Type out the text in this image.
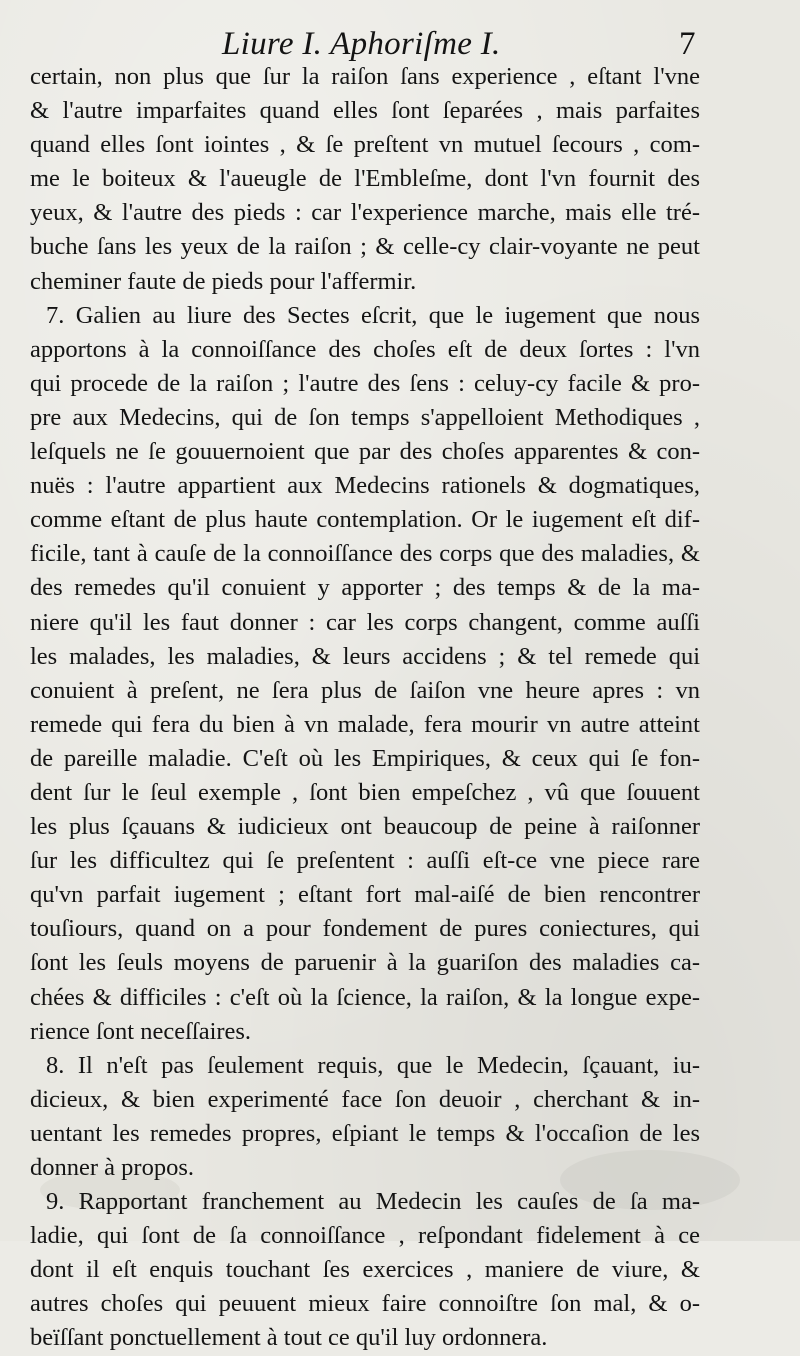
Liure I. Aphoriſme I.	7
certain, non plus que ſur la raiſon ſans experience , eſtant l'vne
& l'autre imparfaites quand elles ſont ſeparées , mais parfaites
quand elles ſont iointes , & ſe preſtent vn mutuel ſecours , com-
me le boiteux & l'aueugle de l'Embleſme, dont l'vn fournit des
yeux, & l'autre des pieds : car l'experience marche, mais elle tré-
buche ſans les yeux de la raiſon ; & celle-cy clair-voyante ne peut
cheminer faute de pieds pour l'affermir.
7. Galien au liure des Sectes eſcrit, que le iugement que nous
apportons à la connoiſſance des choſes eſt de deux ſortes : l'vn
qui procede de la raiſon ; l'autre des ſens : celuy-cy facile & pro-
pre aux Medecins, qui de ſon temps s'appelloient Methodiques ,
leſquels ne ſe gouuernoient que par des choſes apparentes & con-
nuës : l'autre appartient aux Medecins rationels & dogmatiques,
comme eſtant de plus haute contemplation. Or le iugement eſt dif-
ficile, tant à cauſe de la connoiſſance des corps que des maladies, &
des remedes qu'il conuient y apporter ; des temps & de la ma-
niere qu'il les faut donner : car les corps changent, comme auſſi
les malades, les maladies, & leurs accidens ; & tel remede qui
conuient à preſent, ne ſera plus de ſaiſon vne heure apres : vn
remede qui fera du bien à vn malade, fera mourir vn autre atteint
de pareille maladie. C'eſt où les Empiriques, & ceux qui ſe fon-
dent ſur le ſeul exemple , ſont bien empeſchez , vû que ſouuent
les plus ſçauans & iudicieux ont beaucoup de peine à raiſonner
ſur les difficultez qui ſe preſentent : auſſi eſt-ce vne piece rare
qu'vn parfait iugement ; eſtant fort mal-aiſé de bien rencontrer
touſiours, quand on a pour fondement de pures coniectures, qui
ſont les ſeuls moyens de paruenir à la guariſon des maladies ca-
chées & difficiles : c'eſt où la ſcience, la raiſon, & la longue expe-
rience ſont neceſſaires.
8. Il n'eſt pas ſeulement requis, que le Medecin, ſçauant, iu-
dicieux, & bien experimenté face ſon deuoir , cherchant & in-
uentant les remedes propres, eſpiant le temps & l'occaſion de les
donner à propos.
9. Rapportant franchement au Medecin les cauſes de ſa ma-
ladie, qui ſont de ſa connoiſſance , reſpondant fidelement à ce
dont il eſt enquis touchant ſes exercices , maniere de viure, &
autres choſes qui peuuent mieux faire connoiſtre ſon mal, & o-
beïſſant ponctuellement à tout ce qu'il luy ordonnera.
